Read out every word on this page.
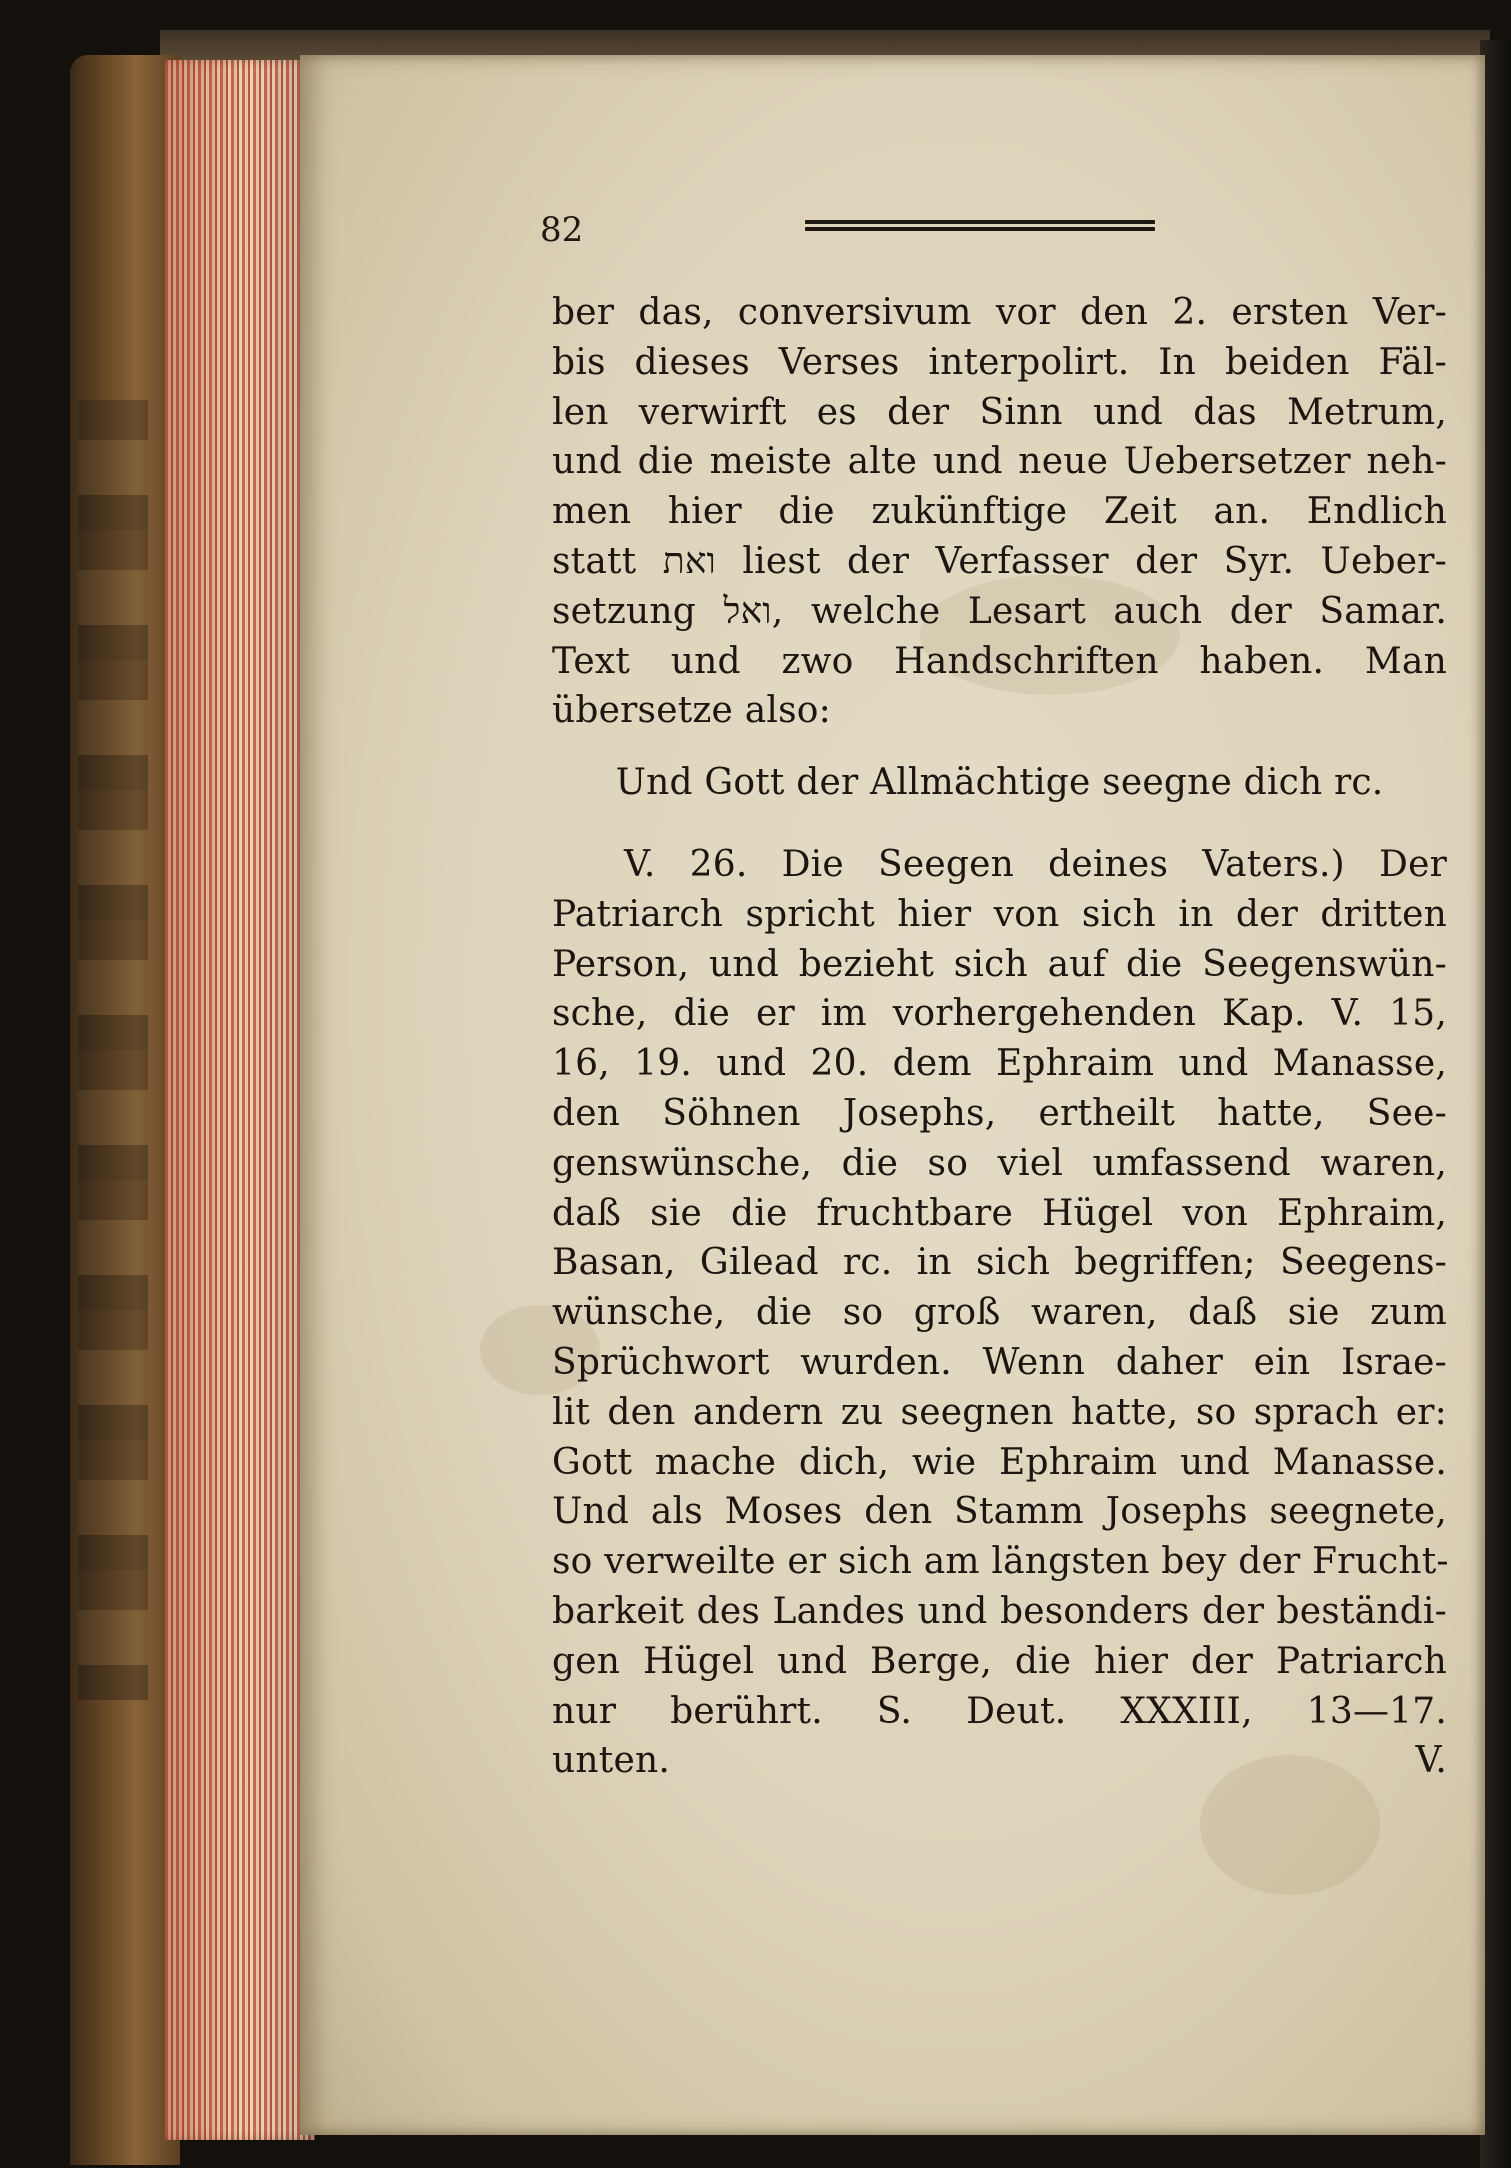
82
ber das, conversivum vor den 2. ersten Ver-
bis dieses Verses interpolirt. In beiden Fäl-
len verwirft es der Sinn und das Metrum,
und die meiste alte und neue Uebersetzer neh-
men hier die zukünftige Zeit an. Endlich
statt ואת liest der Verfasser der Syr. Ueber-
setzung ואל, welche Lesart auch der Samar.
Text und zwo Handschriften haben. Man
übersetze also:
Und Gott der Allmächtige seegne dich rc.
V. 26. Die Seegen deines Vaters.) Der
Patriarch spricht hier von sich in der dritten
Person, und bezieht sich auf die Seegenswün-
sche, die er im vorhergehenden Kap. V. 15,
16, 19. und 20. dem Ephraim und Manasse,
den Söhnen Josephs, ertheilt hatte, See-
genswünsche, die so viel umfassend waren,
daß sie die fruchtbare Hügel von Ephraim,
Basan, Gilead rc. in sich begriffen; Seegens-
wünsche, die so groß waren, daß sie zum
Sprüchwort wurden. Wenn daher ein Israe-
lit den andern zu seegnen hatte, so sprach er:
Gott mache dich, wie Ephraim und Manasse.
Und als Moses den Stamm Josephs seegnete,
so verweilte er sich am längsten bey der Frucht-
barkeit des Landes und besonders der beständi-
gen Hügel und Berge, die hier der Patriarch
nur berührt. S. Deut. XXXIII, 13—17.
unten.	V.
